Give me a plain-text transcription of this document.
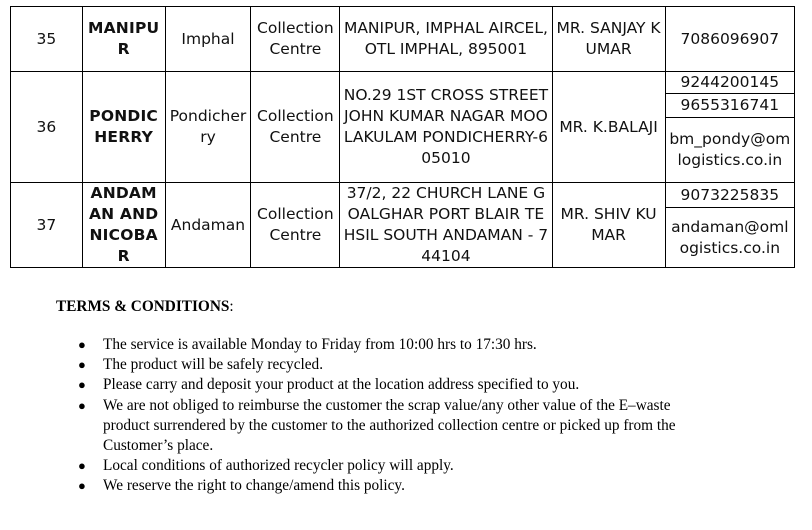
35	MANIPUR	Imphal	Collection Centre	MANIPUR, IMPHAL AIRCEL, OTL IMPHAL, 895001	MR. SANJAY KUMAR	7086096907
36	PONDICHERRY	Pondicherry	Collection Centre	NO.29 1ST CROSS STREET JOHN KUMAR NAGAR MOOLAKULAM PONDICHERRY-605010	MR. K.BALAJI	9244200145
						9655316741
						bm_pondy@omlogistics.co.in
37	ANDAMAN AND NICOBAR	Andaman	Collection Centre	37/2, 22 CHURCH LANE GOALGHAR PORT BLAIR TEHSIL SOUTH ANDAMAN - 744104	MR. SHIV KUMAR	9073225835
						andaman@omlogistics.co.in
TERMS & CONDITIONS:
● The service is available Monday to Friday from 10:00 hrs to 17:30 hrs.
● The product will be safely recycled.
● Please carry and deposit your product at the location address specified to you.
● We are not obliged to reimburse the customer the scrap value/any other value of the E–waste product surrendered by the customer to the authorized collection centre or picked up from the Customer’s place.
● Local conditions of authorized recycler policy will apply.
● We reserve the right to change/amend this policy.
